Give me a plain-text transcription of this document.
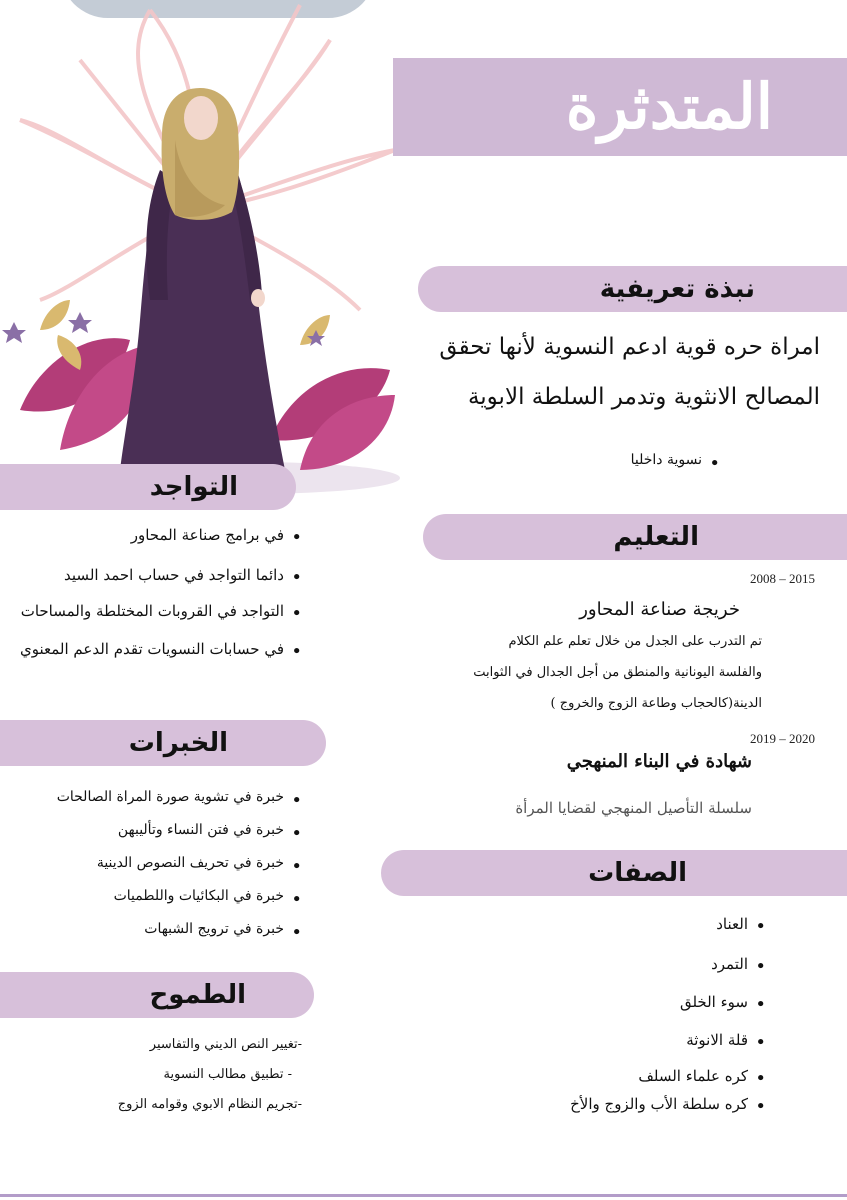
المتدثرة
نبذة تعريفية
امراة حره قوية ادعم النسوية لأنها تحقق
المصالح الانثوية وتدمر السلطة الابوية
• نسوية داخليا
التواجد
• في برامج صناعة المحاور
• دائما التواجد في حساب احمد السيد
• التواجد في القروبات المختلطة والمساحات
• في حسابات النسويات تقدم الدعم المعنوي
التعليم
2008 – 2015
خريجة صناعة المحاور
تم التدرب على الجدل من خلال تعلم علم الكلام
والفلسة اليونانية والمنطق من أجل الجدال في الثوابت
الدينة(كالحجاب وطاعة الزوج والخروج )
2019 – 2020
شهادة في البناء المنهجي
سلسلة التأصيل المنهجي لقضايا المرأة
الخبرات
• خبرة في تشوية صورة المراة الصالحات
• خبرة في فتن النساء وتأليبهن
• خبرة في تحريف النصوص الدينية
• خبرة في البكائيات واللطميات
• خبرة في ترويج الشبهات
الصفات
• العناد
• التمرد
• سوء الخلق
• قلة الانوثة
• كره علماء السلف
• كره سلطة الأب والزوج والأخ
الطموح
-تغيير النص الديني والتفاسير
- تطبيق مطالب النسوية
-تجريم النظام الابوي وقوامه الزوج
